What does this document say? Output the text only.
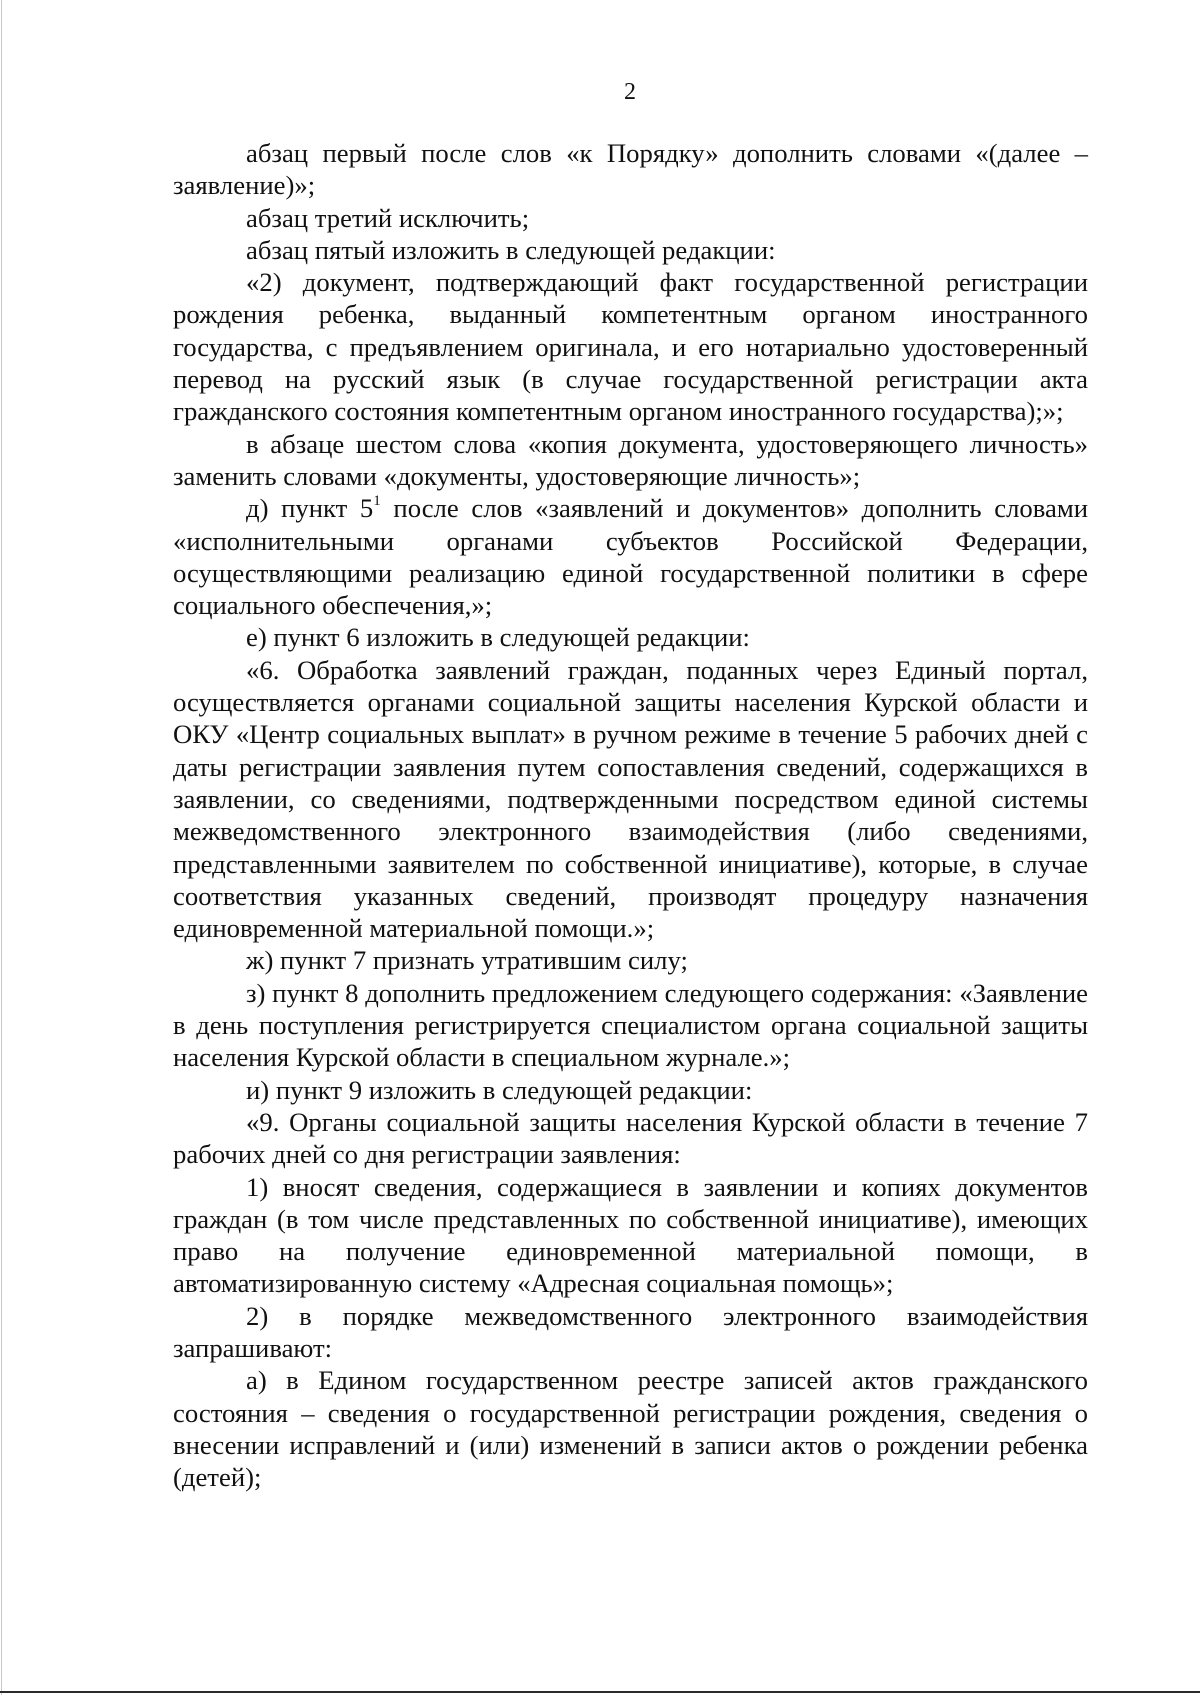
2

абзац первый после слов «к Порядку» дополнить словами «(далее – заявление)»;

абзац третий исключить;

абзац пятый изложить в следующей редакции:

«2) документ, подтверждающий факт государственной регистрации рождения ребенка, выданный компетентным органом иностранного государства, с предъявлением оригинала, и его нотариально удостоверенный перевод на русский язык (в случае государственной регистрации акта гражданского состояния компетентным органом иностранного государства);»;

в абзаце шестом слова «копия документа, удостоверяющего личность» заменить словами «документы, удостоверяющие личность»;

д) пункт $5^1$ после слов «заявлений и документов» дополнить словами «исполнительными органами субъектов Российской Федерации, осуществляющими реализацию единой государственной политики в сфере социального обеспечения,»;

е) пункт 6 изложить в следующей редакции:

«6. Обработка заявлений граждан, поданных через Единый портал, осуществляется органами социальной защиты населения Курской области и ОКУ «Центр социальных выплат» в ручном режиме в течение 5 рабочих дней с даты регистрации заявления путем сопоставления сведений, содержащихся в заявлении, со сведениями, подтвержденными посредством единой системы межведомственного электронного взаимодействия (либо сведениями, представленными заявителем по собственной инициативе), которые, в случае соответствия указанных сведений, производят процедуру назначения единовременной материальной помощи.»;

ж) пункт 7 признать утратившим силу;

з) пункт 8 дополнить предложением следующего содержания: «Заявление в день поступления регистрируется специалистом органа социальной защиты населения Курской области в специальном журнале.»;

и) пункт 9 изложить в следующей редакции:

«9. Органы социальной защиты населения Курской области в течение 7 рабочих дней со дня регистрации заявления:

1) вносят сведения, содержащиеся в заявлении и копиях документов граждан (в том числе представленных по собственной инициативе), имеющих право на получение единовременной материальной помощи, в автоматизированную систему «Адресная социальная помощь»;

2) в порядке межведомственного электронного взаимодействия запрашивают:

а) в Едином государственном реестре записей актов гражданского состояния – сведения о государственной регистрации рождения, сведения о внесении исправлений и (или) изменений в записи актов о рождении ребенка (детей);
